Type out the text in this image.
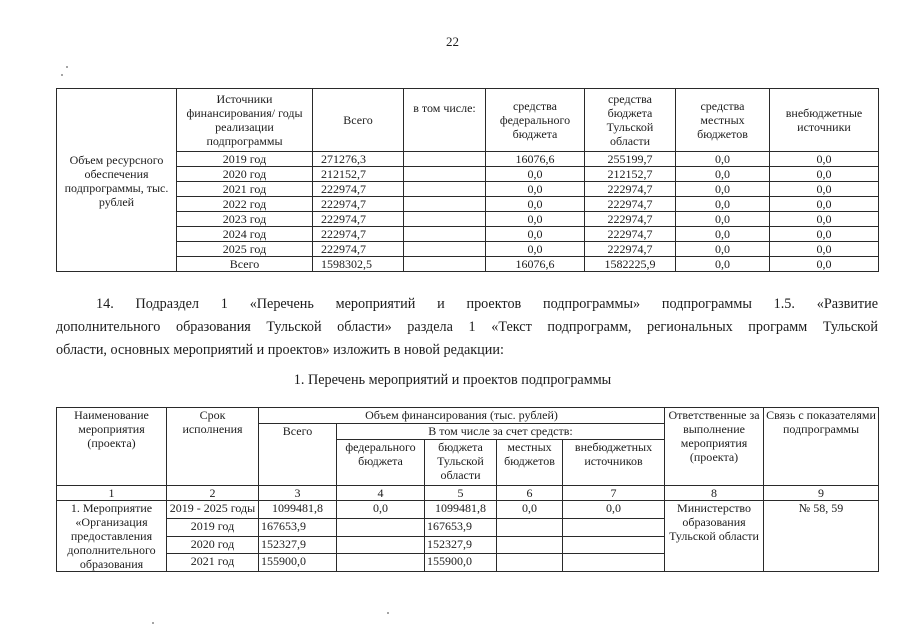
22
Объем ресурсного обеспечения подпрограммы, тыс. рублей	Источники финансирования/ годы реализации подпрограммы	Всего	в том числе:	средства федерального бюджета	средства бюджета Тульской области	средства местных бюджетов	внебюджетные источники
	2019 год	271276,3		16076,6	255199,7	0,0	0,0
	2020 год	212152,7		0,0	212152,7	0,0	0,0
	2021 год	222974,7		0,0	222974,7	0,0	0,0
	2022 год	222974,7		0,0	222974,7	0,0	0,0
	2023 год	222974,7		0,0	222974,7	0,0	0,0
	2024 год	222974,7		0,0	222974,7	0,0	0,0
	2025 год	222974,7		0,0	222974,7	0,0	0,0
	Всего	1598302,5		16076,6	1582225,9	0,0	0,0
14. Подраздел 1 «Перечень мероприятий и проектов подпрограммы» подпрограммы 1.5. «Развитие
дополнительного образования Тульской области» раздела 1 «Текст подпрограмм, региональных программ Тульской
области, основных мероприятий и проектов» изложить в новой редакции:
1. Перечень мероприятий и проектов подпрограммы
Наименование мероприятия (проекта)	Срок исполнения	Объем финансирования (тыс. рублей)					Ответственные за выполнение мероприятия (проекта)	Связь с показателями подпрограммы
		Всего	В том числе за счет средств:					
			федерального бюджета	бюджета Тульской области	местных бюджетов	внебюджетных источников		
1	2	3	4	5	6	7	8	9

1. Мероприятие
«Организация
предоставления
дополнительного
образования	2019 - 2025 годы	1099481,8	0,0	1099481,8	0,0	0,0	Министерство образования Тульской области	№ 58, 59
	2019 год	167653,9		167653,9				
	2020 год	152327,9		152327,9				
	2021 год	155900,0		155900,0				
